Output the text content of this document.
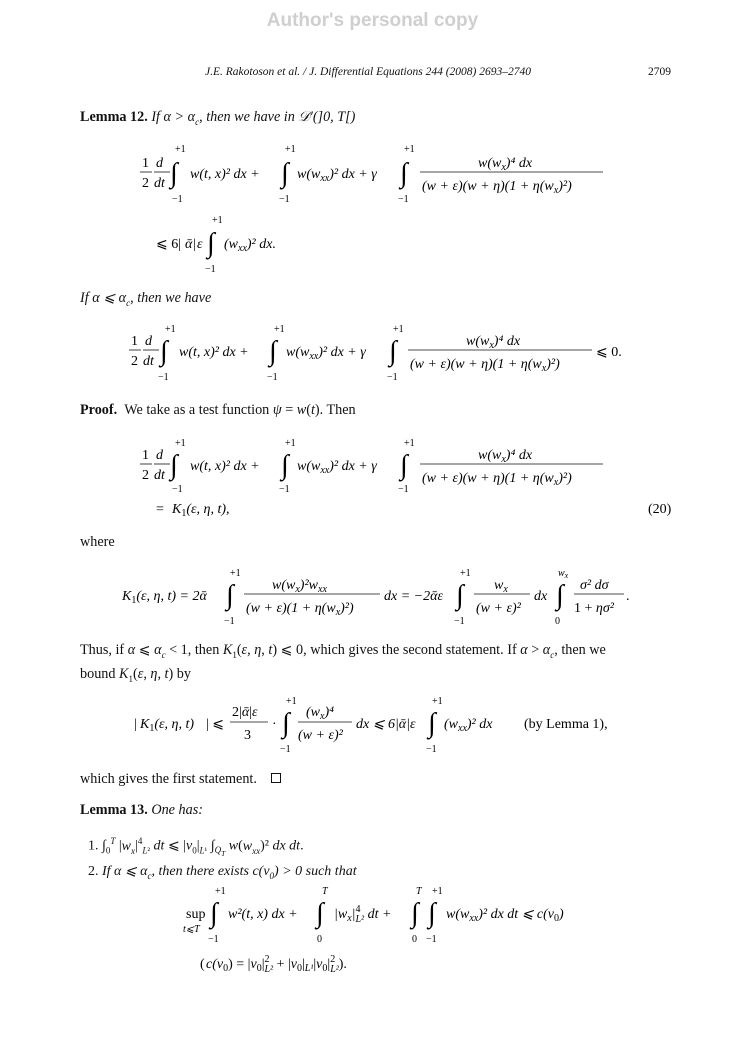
Author's personal copy
J.E. Rakotoson et al. / J. Differential Equations 244 (2008) 2693–2740	2709
Lemma 12. If $\alpha > \alpha_c$, then we have in 𝒟′(]0, T[)
1
2
d
dt
+1
∫
−1
w(t, x)² dx +
+1
∫
−1
$w(w_{xx})^2$ dx + γ
+1
∫
−1
$w(w_x)^4$ dx
$(w + \varepsilon)(w + \eta)(1 + \eta(w_x)^2)$
⩽ 6| ᾱ | ε
+1
∫
−1
$(w_{xx})^2$ dx.
If α ⩽ $\alpha_c$, then we have
1
2
d
dt
+1
∫
−1
w(t, x)² dx +
+1
∫
−1
$w(w_{xx})^2$ dx + γ
+1
∫
−1
$w(w_x)^4$ dx
$(w + \varepsilon)(w + \eta)(1 + \eta(w_x)^2)$
⩽ 0.
Proof.  We take as a test function ψ = w(t). Then
1
2
d
dt
+1
∫
−1
w(t, x)² dx +
+1
∫
−1
$w(w_{xx})^2$ dx + γ
+1
∫
−1
$w(w_x)^4$ dx
$(w + \varepsilon)(w + \eta)(1 + \eta(w_x)^2)$
= $K_1(\varepsilon$, η, t),	(20)
where
$K_1(\varepsilon$, η, t) = 2ᾱ
+1
∫
−1
$w(w_x)^2w_{xx}$
$(w + \varepsilon)(1 + \eta(w_x)^2)$
dx = −2ᾱε
+1
∫
−1
$w_x$
(w + ε)²
dx
$w_x$
∫
0
σ² dσ
1 + ησ²
.
Thus, if α ⩽ $\alpha_c < 1$, then $K_1(\varepsilon$, η, t) ⩽ 0, which gives the second statement. If $\alpha > \alpha_c$, then we
bound $K_1(\varepsilon$, η, t) by
| $K_1(\varepsilon$, η, t) | ⩽
2|ᾱ|ε
3
·
+1
∫
−1
$(w_x)^4$
(w + ε)²
dx ⩽ 6|ᾱ|ε
+1
∫
−1
$(w_{xx})^2$ dx (by Lemma 1),
which gives the first statement.
Lemma 13. One has:
1. $\int_0^T$ $|w_x|^4_{L^2}$ dt ⩽ $|v_0|_{L^1}$ $\int_{Q_T}$ $w(w_{xx})^2$ dx dt.
2. If α ⩽ $\alpha_c$, then there exists $c(v_0) > 0$ such that
sup
t⩽T
+1
∫
−1
w²(t, x) dx +
T
∫
0
$|w_x|^4$ L² dt +
T +1
∫ ∫
0 −1
$w(w_{xx})^2$ dx dt ⩽ $c(v_0)$
( $c(v_0) = |v_0|^2$ $L^2 + |v_0|_{L^1}|v_0|^2$ L²).
